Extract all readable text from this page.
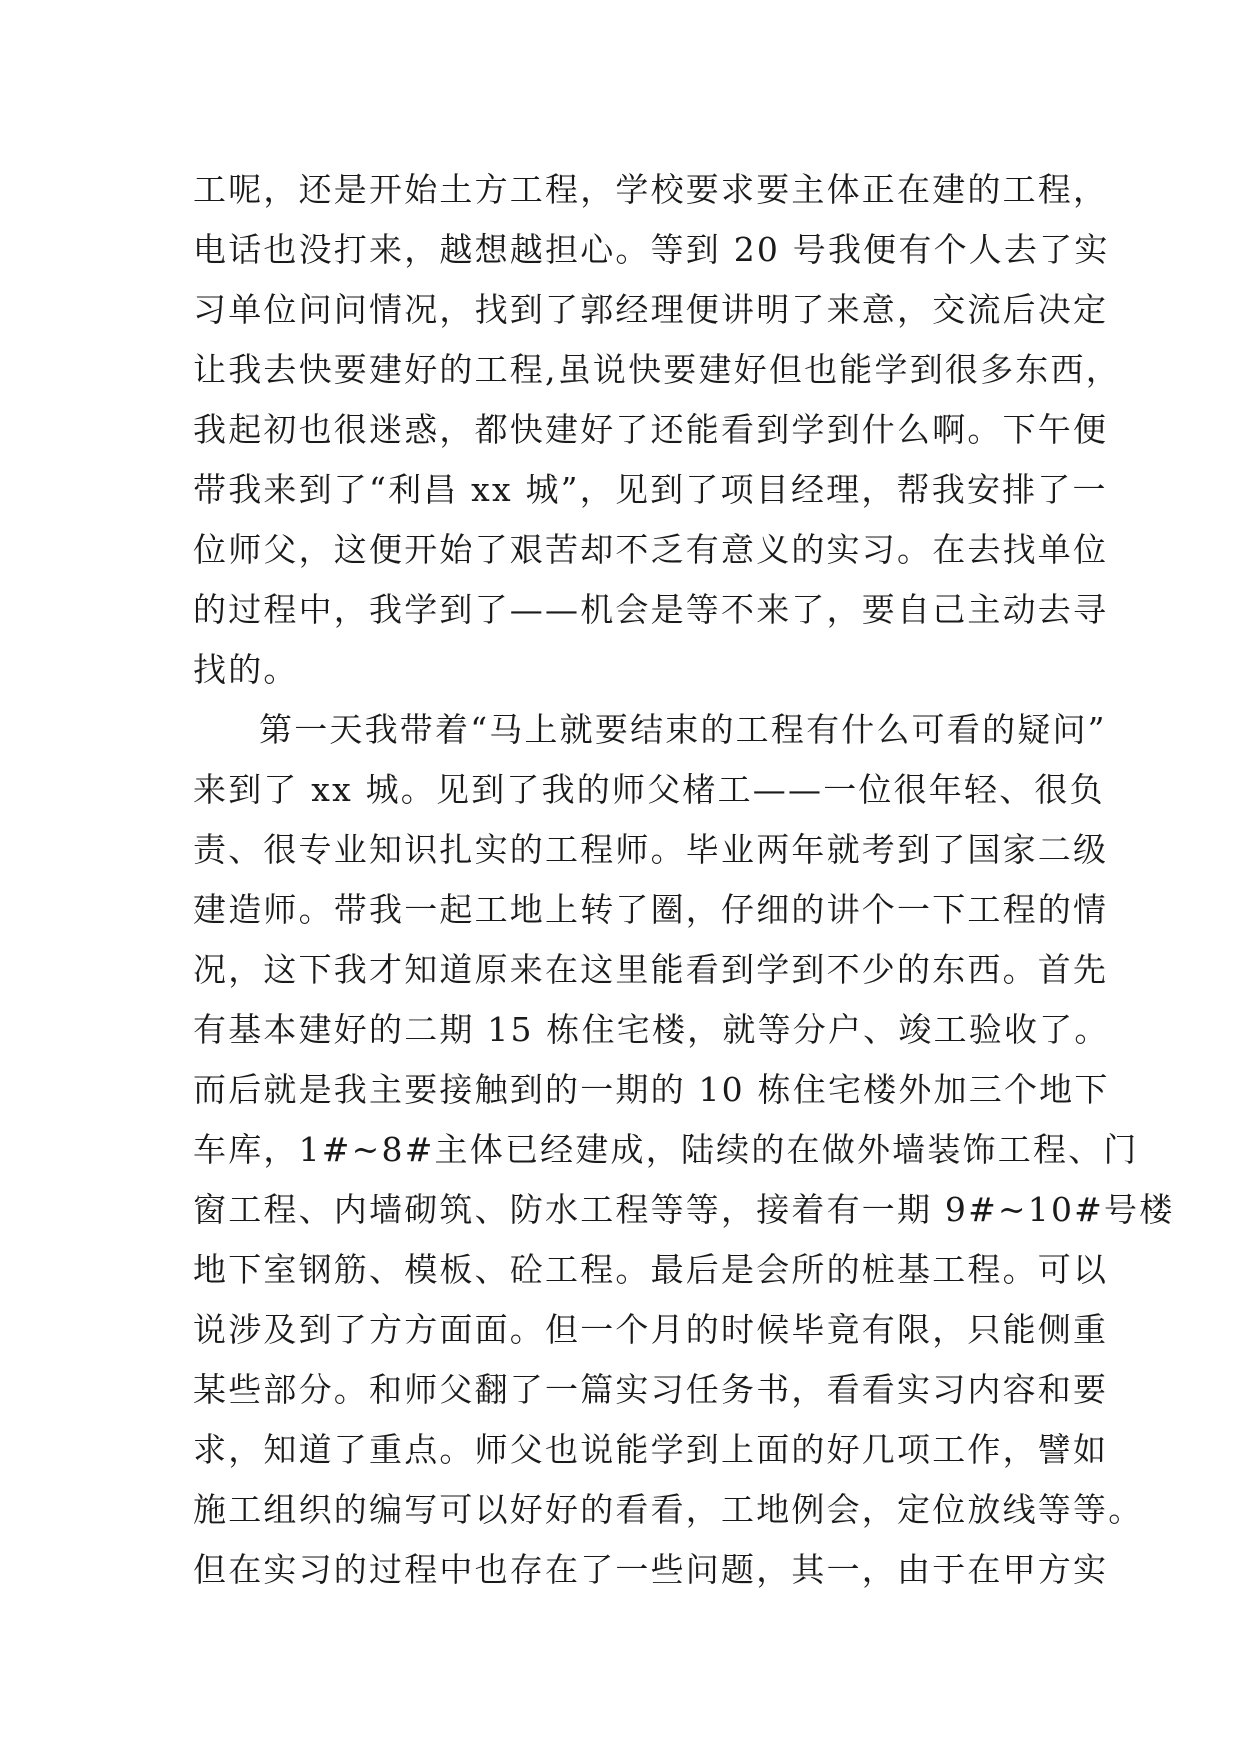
工呢，还是开始土方工程，学校要求要主体正在建的工程，
电话也没打来，越想越担心。等到 20 号我便有个人去了实
习单位问问情况，找到了郭经理便讲明了来意，交流后决定
让我去快要建好的工程,虽说快要建好但也能学到很多东西，
我起初也很迷惑，都快建好了还能看到学到什么啊。下午便
带我来到了“利昌 xx 城”，见到了项目经理，帮我安排了一
位师父，这便开始了艰苦却不乏有意义的实习。在去找单位
的过程中，我学到了——机会是等不来了，要自己主动去寻
找的。
第一天我带着“马上就要结束的工程有什么可看的疑问”
来到了 xx 城。见到了我的师父楮工——一位很年轻、很负
责、很专业知识扎实的工程师。毕业两年就考到了国家二级
建造师。带我一起工地上转了圈，仔细的讲个一下工程的情
况，这下我才知道原来在这里能看到学到不少的东西。首先
有基本建好的二期 15 栋住宅楼，就等分户、竣工验收了。
而后就是我主要接触到的一期的 10 栋住宅楼外加三个地下
车库，1#~8#主体已经建成，陆续的在做外墙装饰工程、门
窗工程、内墙砌筑、防水工程等等，接着有一期 9#~10#号楼
地下室钢筋、模板、砼工程。最后是会所的桩基工程。可以
说涉及到了方方面面。但一个月的时候毕竟有限，只能侧重
某些部分。和师父翻了一篇实习任务书，看看实习内容和要
求，知道了重点。师父也说能学到上面的好几项工作，譬如
施工组织的编写可以好好的看看，工地例会，定位放线等等。
但在实习的过程中也存在了一些问题，其一，由于在甲方实
